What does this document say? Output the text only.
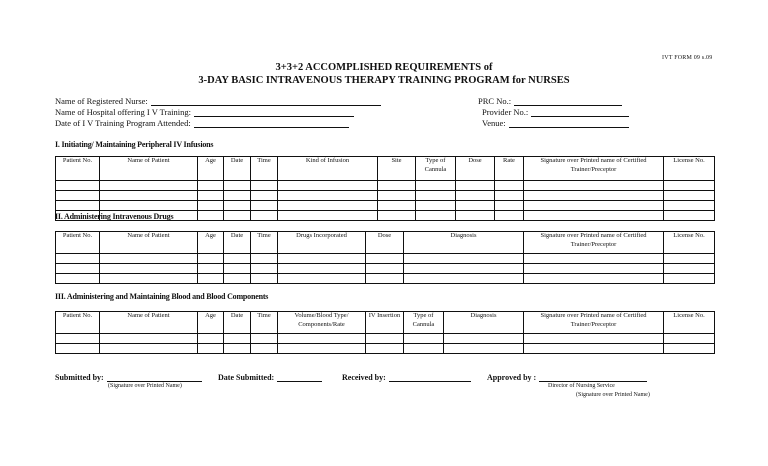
IVT FORM 09 s.09
3+3+2 ACCOMPLISHED REQUIREMENTS of
3-DAY BASIC INTRAVENOUS THERAPY TRAINING PROGRAM for NURSES
Name of Registered Nurse:
Name of Hospital offering I V Training:
Date of I V Training Program Attended:
PRC No.:
Provider No.:
Venue:
I. Initiating/ Maintaining Peripheral IV Infusions
Patient No.	Name of Patient	Age	Date	Time	Kind of Infusion	Site	Type of Cannula	Dose	Rate	Signature over Printed name of Certified Trainer/Preceptor	License No.

II. Administering Intravenous Drugs
Patient No.	Name of Patient	Age	Date	Time	Drugs Incorporated	Dose	Diagnosis	Signature over Printed name of Certified Trainer/Preceptor	License No.

III. Administering and Maintaining Blood and Blood Components
Patient No.	Name of Patient	Age	Date	Time	Volume/Blood Type/ Components/Rate	IV Insertion	Type of Cannula	Diagnosis	Signature over Printed name of Certified Trainer/Preceptor	License No.

Submitted by:
(Signature over Printed Name)
Date Submitted:	Received by:	Approved by :
Director of Nursing Service
(Signature over Printed Name)
